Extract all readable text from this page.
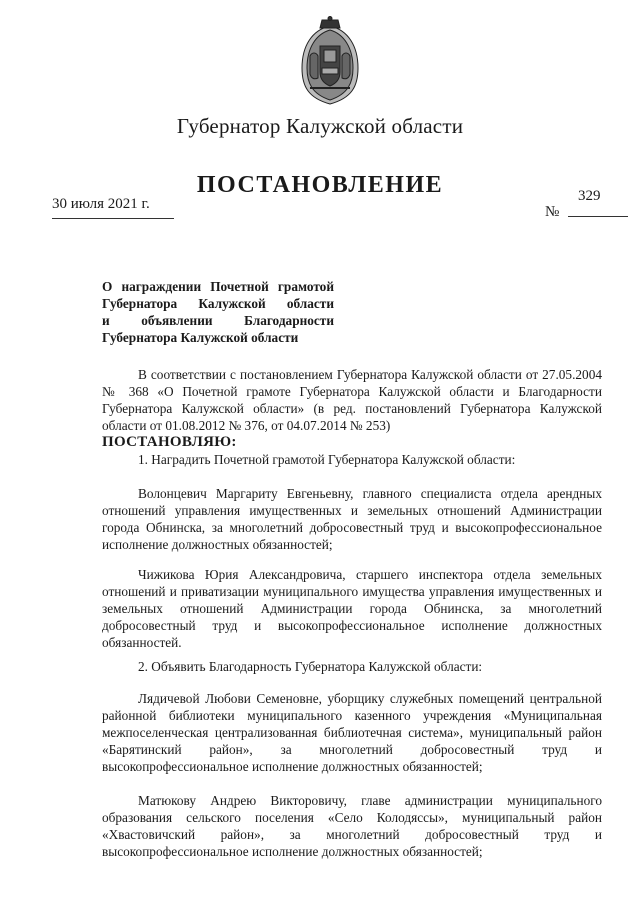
Губернатор Калужской области
ПОСТАНОВЛЕНИЕ
30 июля 2021 г.	329
№
О награждении Почетной грамотой
Губернатора Калужской области
и объявлении Благодарности
Губернатора Калужской области
В соответствии с постановлением Губернатора Калужской области от 27.05.2004 № 368 «О Почетной грамоте Губернатора Калужской области и Благодарности Губернатора Калужской области» (в ред. постановлений Губернатора Калужской области от 01.08.2012 № 376, от 04.07.2014 № 253)
ПОСТАНОВЛЯЮ:
1. Наградить Почетной грамотой Губернатора Калужской области:
Волонцевич Маргариту Евгеньевну, главного специалиста отдела арендных отношений управления имущественных и земельных отношений Администрации города Обнинска, за многолетний добросовестный труд и высокопрофессиональное исполнение должностных обязанностей;
Чижикова Юрия Александровича, старшего инспектора отдела земельных отношений и приватизации муниципального имущества управления имущественных и земельных отношений Администрации города Обнинска, за многолетний добросовестный труд и высокопрофессиональное исполнение должностных обязанностей.
2. Объявить Благодарность Губернатора Калужской области:
Лядичевой Любови Семеновне, уборщику служебных помещений центральной районной библиотеки муниципального казенного учреждения «Муниципальная межпоселенческая централизованная библиотечная система», муниципальный район «Барятинский район», за многолетний добросовестный труд и высокопрофессиональное исполнение должностных обязанностей;
Матюкову Андрею Викторовичу, главе администрации муниципального образования сельского поселения «Село Колодяссы», муниципальный район «Хвастовичский район», за многолетний добросовестный труд и высокопрофессиональное исполнение должностных обязанностей;
